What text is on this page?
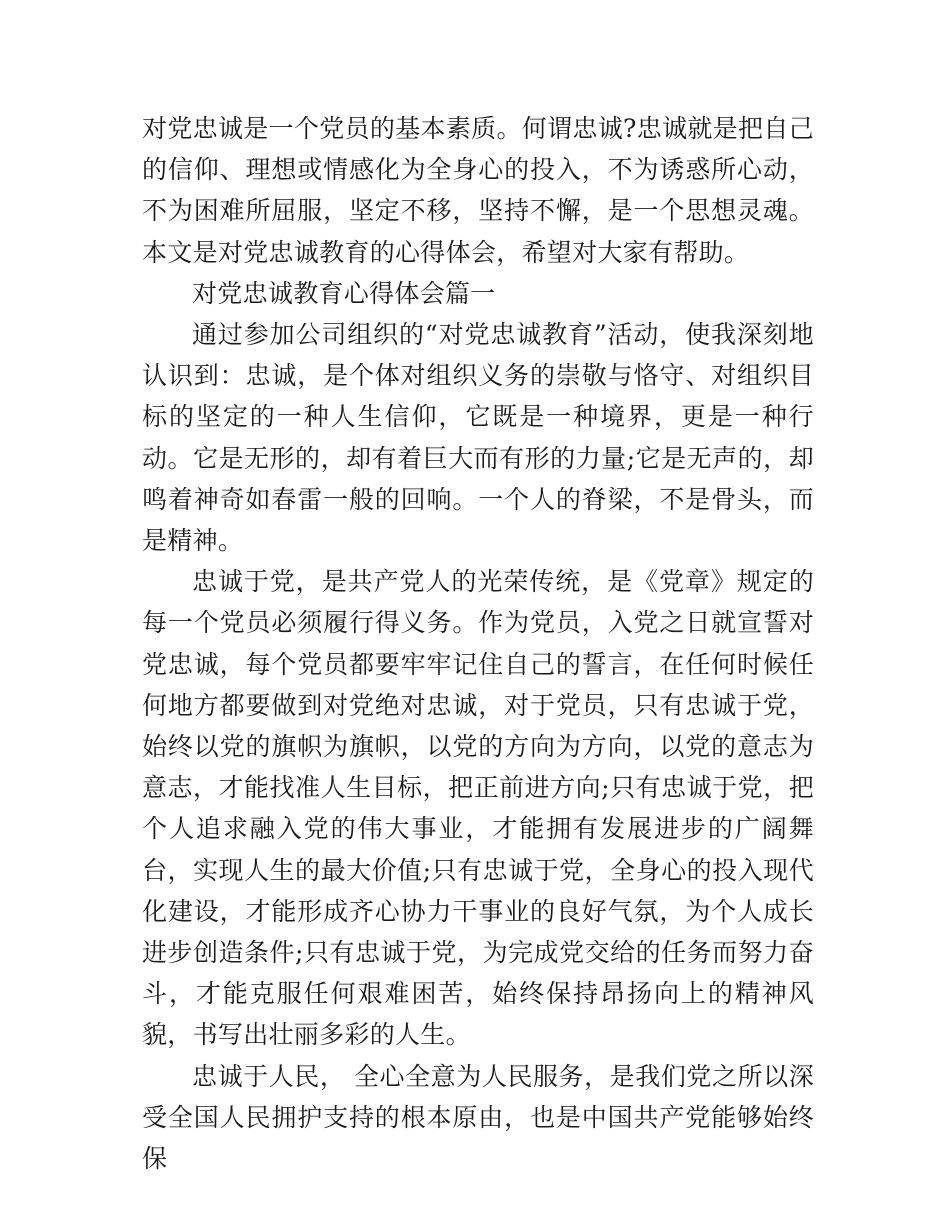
对党忠诚是一个党员的基本素质。何谓忠诚?忠诚就是把自己的信仰、理想或情感化为全身心的投入，不为诱惑所心动，不为困难所屈服，坚定不移，坚持不懈，是一个思想灵魂。本文是对党忠诚教育的心得体会，希望对大家有帮助。

对党忠诚教育心得体会篇一

通过参加公司组织的“对党忠诚教育”活动，使我深刻地认识到：忠诚，是个体对组织义务的崇敬与恪守、对组织目标的坚定的一种人生信仰，它既是一种境界，更是一种行动。它是无形的，却有着巨大而有形的力量;它是无声的，却鸣着神奇如春雷一般的回响。一个人的脊梁，不是骨头，而是精神。

忠诚于党，是共产党人的光荣传统，是《党章》规定的每一个党员必须履行得义务。作为党员，入党之日就宣誓对党忠诚，每个党员都要牢牢记住自己的誓言，在任何时候任何地方都要做到对党绝对忠诚，对于党员，只有忠诚于党，始终以党的旗帜为旗帜，以党的方向为方向，以党的意志为意志，才能找准人生目标，把正前进方向;只有忠诚于党，把个人追求融入党的伟大事业，才能拥有发展进步的广阔舞台，实现人生的最大价值;只有忠诚于党，全身心的投入现代化建设，才能形成齐心协力干事业的良好气氛，为个人成长进步创造条件;只有忠诚于党，为完成党交给的任务而努力奋斗，才能克服任何艰难困苦，始终保持昂扬向上的精神风貌，书写出壮丽多彩的人生。

忠诚于人民， 全心全意为人民服务，是我们党之所以深受全国人民拥护支持的根本原由，也是中国共产党能够始终保
